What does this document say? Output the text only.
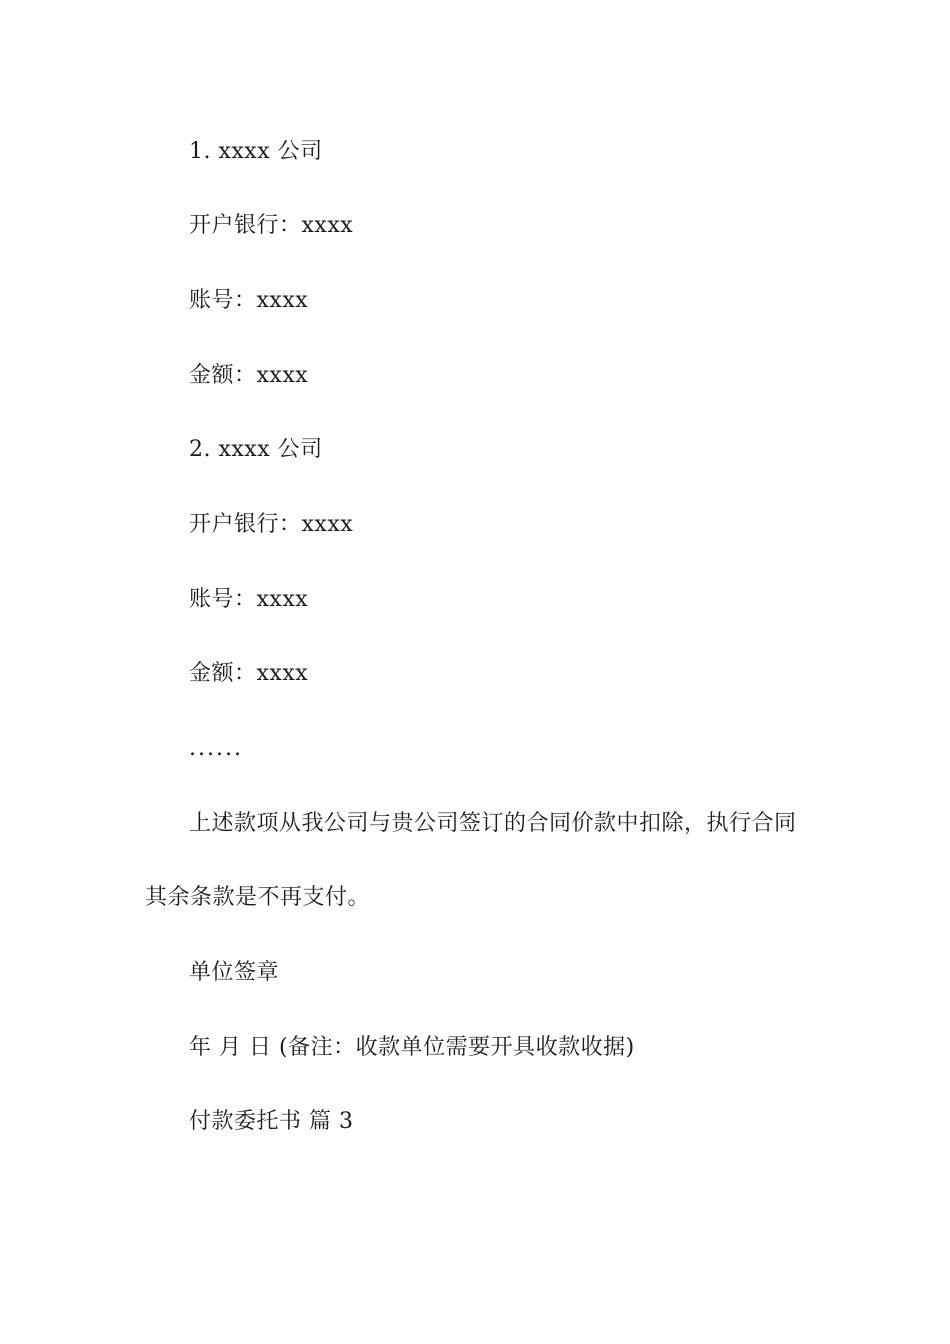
1. xxxx 公司
开户银行：xxxx
账号：xxxx
金额：xxxx
2. xxxx 公司
开户银行：xxxx
账号：xxxx
金额：xxxx
......
上述款项从我公司与贵公司签订的合同价款中扣除，执行合同
其余条款是不再支付。
单位签章
年 月 日 (备注：收款单位需要开具收款收据)
付款委托书 篇 3
